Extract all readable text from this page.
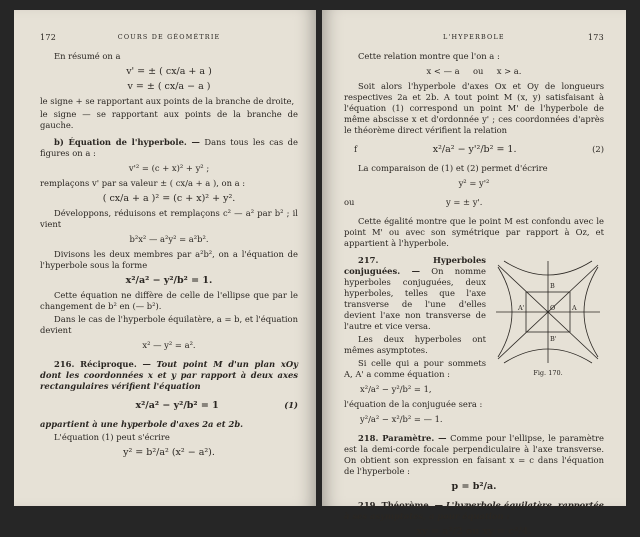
172	COURS DE GÉOMÉTRIE

En résumé on a

v' = ± ( cx/a + a )
v = ± ( cx/a − a )

le signe + se rapportant aux points de la branche de droite,

le signe — se rapportant aux points de la branche de gauche.

b) Équation de l'hyperbole. — Dans tous les cas de figures on a :

v'² = (c + x)² + y² ;

remplaçons v' par sa valeur ± ( cx/a + a ), on a :

( cx/a + a )² = (c + x)² + y².

Développons, réduisons et remplaçons c² — a² par b² ; il vient

b²x² — a²y² = a²b².

Divisons les deux membres par a²b², on a l'équation de l'hyperbole sous la forme

x²/a² − y²/b² = 1.

Cette équation ne diffère de celle de l'ellipse que par le changement de b² en (— b²).

Dans le cas de l'hyperbole équilatère, a = b, et l'équation devient

x² — y² = a².

216. Réciproque. — Tout point M d'un plan xOy dont les coordonnées x et y par rapport à deux axes rectangulaires vérifient l'équation

x²/a² − y²/b² = 1	(1)

appartient à une hyperbole d'axes 2a et 2b.

L'équation (1) peut s'écrire

y² = b²/a² (x² − a²).
L'HYPERBOLE	173

Cette relation montre que l'on a :

x < — a ou x > a.

Soit alors l'hyperbole d'axes Ox et Oy de longueurs respectives 2a et 2b. A tout point M (x, y) satisfaisant à l'équation (1) correspond un point M' de l'hyperbole de même abscisse x et d'ordonnée y' ; ces coordonnées d'après le théorème direct vérifient la relation

f	x²/a² − y'²/b² = 1.	(2)

La comparaison de (1) et (2) permet d'écrire

y² = y'²
ou	y = ± y'.

Cette égalité montre que le point M est confondu avec le point M' ou avec son symétrique par rapport à Oz, et appartient à l'hyperbole.

A'	A
B
B'
O
Fig. 170.

217. Hyperboles conjuguées. — On nomme hyperboles conjuguées, deux hyperboles, telles que l'axe transverse de l'une d'elles devient l'axe non transverse de l'autre et vice versa.

Les deux hyperboles ont mêmes asymptotes.

Si celle qui a pour sommets A, A' a comme équation :

x²/a² − y²/b² = 1,

l'équation de la conjuguée sera :

y²/a² − x²/b² = — 1.

218. Paramètre. — Comme pour l'ellipse, le paramètre est la demi-corde focale perpendiculaire à l'axe transverse. On obtient son expression en faisant x = c dans l'équation de l'hyperbole :

p = b²/a.

219. Théorème. — L'hyperbole équilatère, rapportée à ses asymptotes, a pour équation :

xy = a²/2 ou xy = c²/4.
